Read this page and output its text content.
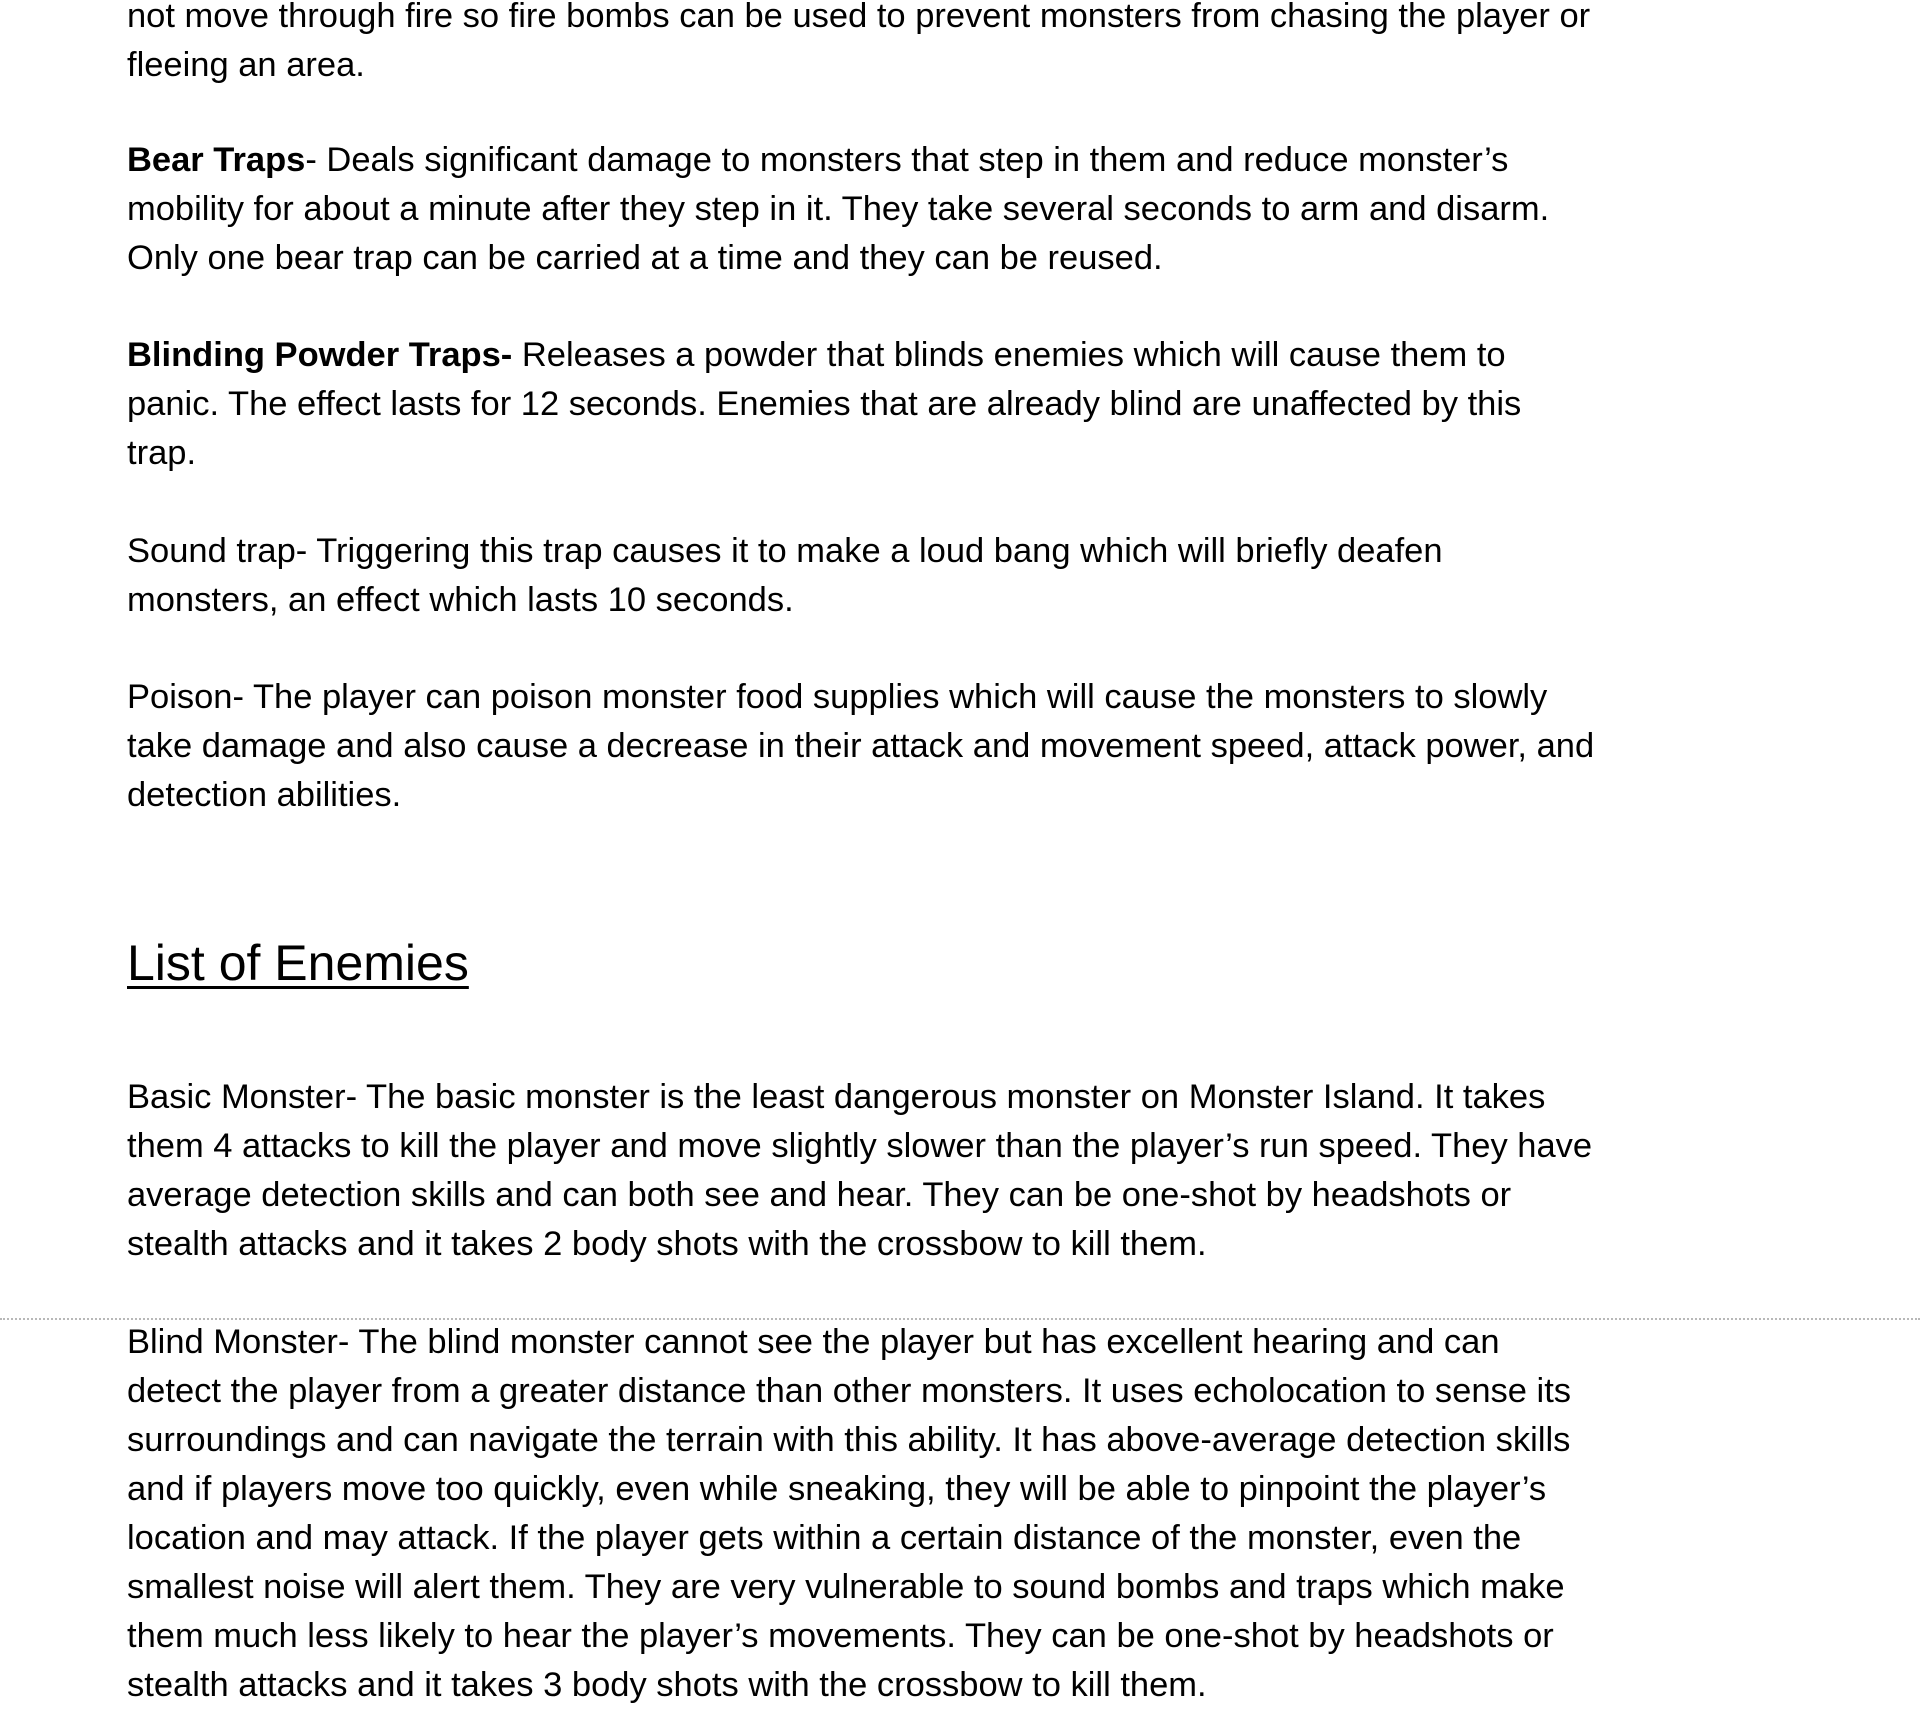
not move through fire so fire bombs can be used to prevent monsters from chasing the player or
fleeing an area.

Bear Traps- Deals significant damage to monsters that step in them and reduce monster’s
mobility for about a minute after they step in it. They take several seconds to arm and disarm.
Only one bear trap can be carried at a time and they can be reused.

Blinding Powder Traps- Releases a powder that blinds enemies which will cause them to
panic. The effect lasts for 12 seconds. Enemies that are already blind are unaffected by this
trap.

Sound trap- Triggering this trap causes it to make a loud bang which will briefly deafen
monsters, an effect which lasts 10 seconds.

Poison- The player can poison monster food supplies which will cause the monsters to slowly
take damage and also cause a decrease in their attack and movement speed, attack power, and
detection abilities.

List of Enemies

Basic Monster- The basic monster is the least dangerous monster on Monster Island. It takes
them 4 attacks to kill the player and move slightly slower than the player’s run speed. They have
average detection skills and can both see and hear. They can be one-shot by headshots or
stealth attacks and it takes 2 body shots with the crossbow to kill them.

Blind Monster- The blind monster cannot see the player but has excellent hearing and can
detect the player from a greater distance than other monsters. It uses echolocation to sense its
surroundings and can navigate the terrain with this ability. It has above-average detection skills
and if players move too quickly, even while sneaking, they will be able to pinpoint the player’s
location and may attack. If the player gets within a certain distance of the monster, even the
smallest noise will alert them. They are very vulnerable to sound bombs and traps which make
them much less likely to hear the player’s movements. They can be one-shot by headshots or
stealth attacks and it takes 3 body shots with the crossbow to kill them.
